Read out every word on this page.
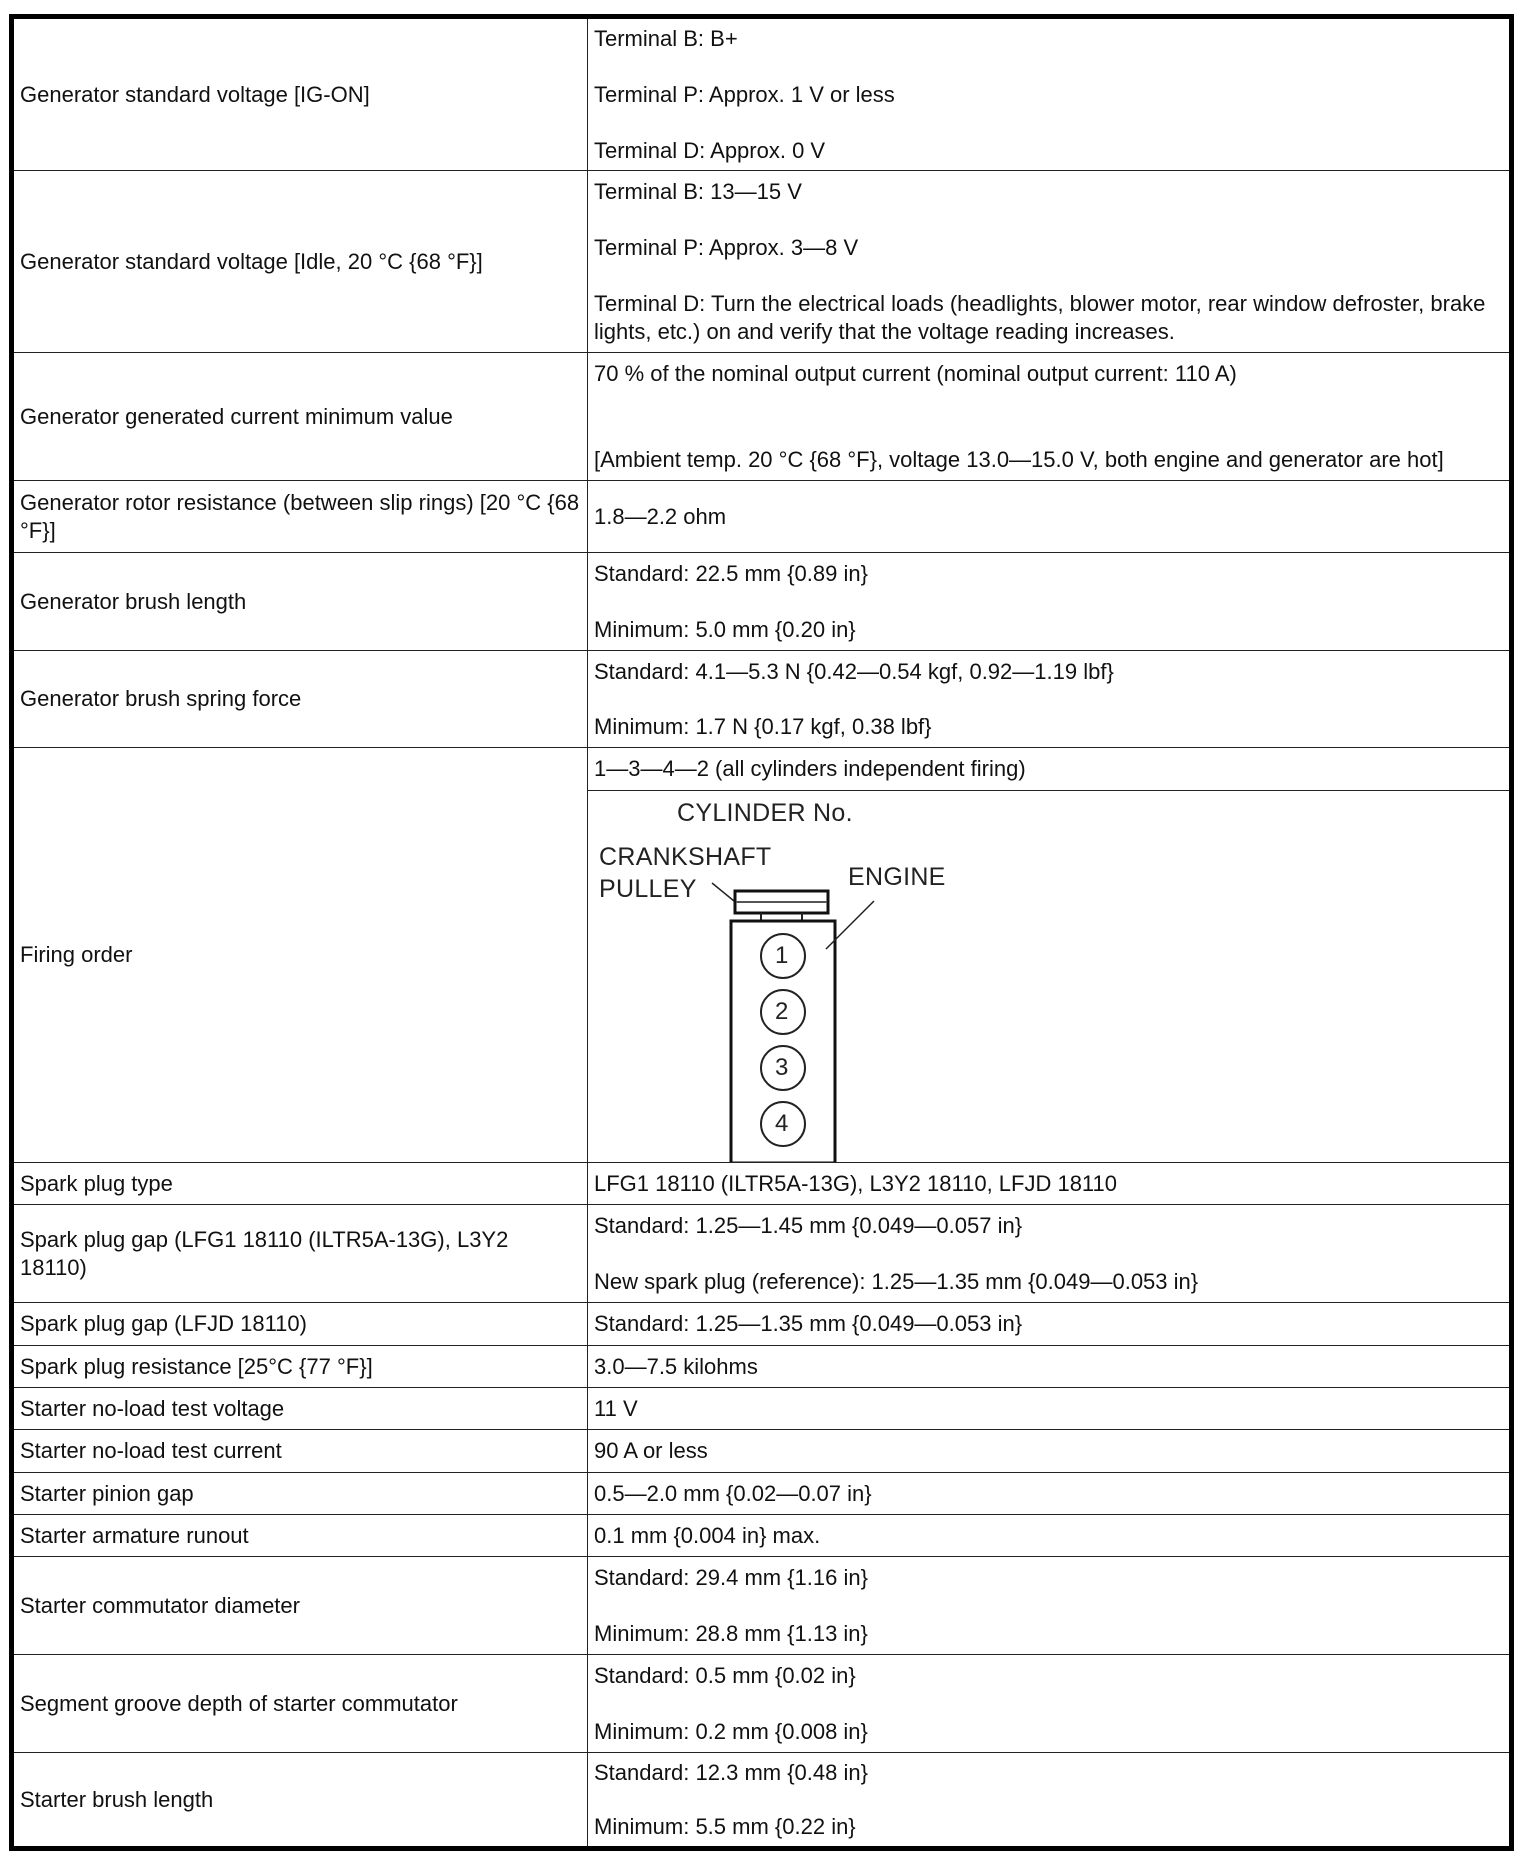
Generator standard voltage [IG-ON]	Terminal B: B+
Terminal P: Approx. 1 V or less
Terminal D: Approx. 0 V

Generator standard voltage [Idle, 20 °C {68 °F}]	Terminal B: 13—15 V
Terminal P: Approx. 3—8 V
Terminal D: Turn the electrical loads (headlights, blower motor, rear window defroster, brake lights, etc.) on and verify that the voltage reading increases.

Generator generated current minimum value	70 % of the nominal output current (nominal output current: 110 A)
[Ambient temp. 20 °C {68 °F}, voltage 13.0—15.0 V, both engine and generator are hot]

Generator rotor resistance (between slip rings) [20 °C {68 °F}]	1.8—2.2 ohm
Generator brush length	Standard: 22.5 mm {0.89 in}
Minimum: 5.0 mm {0.20 in}

Generator brush spring force	Standard: 4.1—5.3 N {0.42—0.54 kgf, 0.92—1.19 lbf}
Minimum: 1.7 N {0.17 kgf, 0.38 lbf}

Firing order	1—3—4—2 (all cylinders independent firing)

CYLINDER No.
CRANKSHAFT
PULLEY	ENGINE
1
2
3
4

Spark plug type	LFG1 18110 (ILTR5A-13G), L3Y2 18110, LFJD 18110
Spark plug gap (LFG1 18110 (ILTR5A-13G), L3Y2 18110)	Standard: 1.25—1.45 mm {0.049—0.057 in}
New spark plug (reference): 1.25—1.35 mm {0.049—0.053 in}

Spark plug gap (LFJD 18110)	Standard: 1.25—1.35 mm {0.049—0.053 in}
Spark plug resistance [25°C {77 °F}]	3.0—7.5 kilohms
Starter no-load test voltage	11 V
Starter no-load test current	90 A or less
Starter pinion gap	0.5—2.0 mm {0.02—0.07 in}
Starter armature runout	0.1 mm {0.004 in} max.
Starter commutator diameter	Standard: 29.4 mm {1.16 in}
Minimum: 28.8 mm {1.13 in}

Segment groove depth of starter commutator	Standard: 0.5 mm {0.02 in}
Minimum: 0.2 mm {0.008 in}

Starter brush length	Standard: 12.3 mm {0.48 in}
Minimum: 5.5 mm {0.22 in}
